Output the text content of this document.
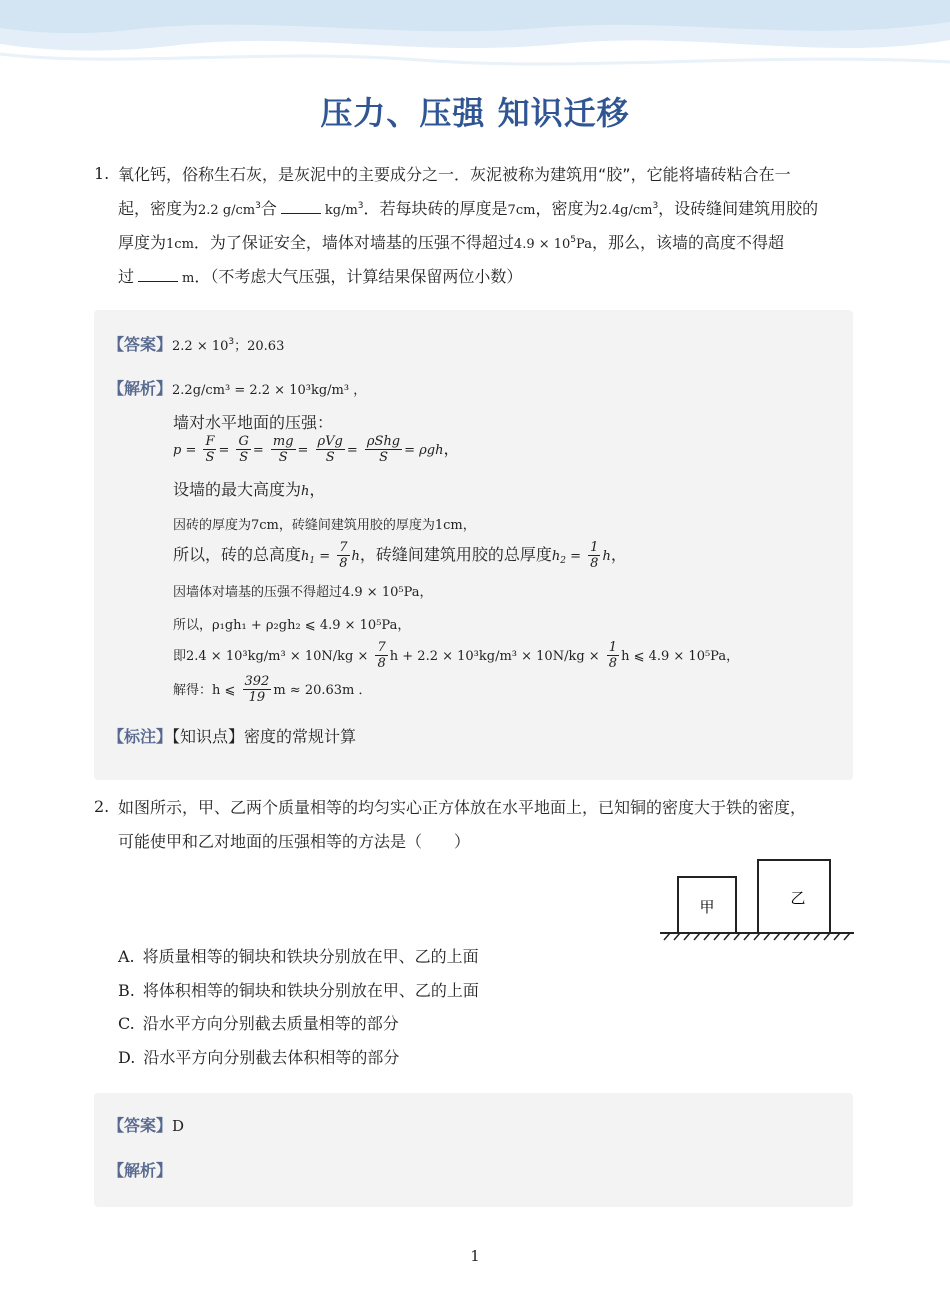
压力、压强 知识迁移
1. 氧化钙，俗称生石灰，是灰泥中的主要成分之一．灰泥被称为建筑用“胶”，它能将墙砖粘合在一
起，密度为2.2 $g/cm^3$合	$kg/m^3$．若每块砖的厚度是7cm，密度为$2.4g/cm^3$，设砖缝间建筑用胶的
厚度为1cm．为了保证安全，墙体对墙基的压强不得超过$4.9 \times 10^5Pa$，那么，该墙的高度不得超
过	m．（不考虑大气压强，计算结果保留两位小数）
【答案】$2.2 \times 10^3$；20.63
【解析】2.2g/cm³ = 2.2 × 10³kg/m³ ，
墙对水平地面的压强：
$p = \frac{F}{S} = \frac{G}{S} = \frac{mg}{S} = \frac{\text{ρVg}}{S} = \frac{\text{ρShg}}{S} = \rho gh$，
设墙的最大高度为h，
因砖的厚度为7cm，砖缝间建筑用胶的厚度为1cm，
所以，砖的总高度$h_1 = \frac{7}{8}$ h，砖缝间建筑用胶的总厚度$h_2 = \frac{1}{8}$ h，
因墙体对墙基的压强不得超过4.9 × 10⁵Pa，
所以，ρ₁gh₁ + ρ₂gh₂ ⩽ 4.9 × 10⁵Pa，
即$2.4 \times 10^3kg/m^3 \times 10N/kg \times \frac{7}{8}$ $h + 2.2 \times 10^3kg/m^3 \times 10N/kg \times \frac{1}{8}$ h ⩽ 4.9 × 10⁵Pa，
解得：h ⩽ $\frac{392}{19}$ m ≈ 20.63m ．
【标注】【知识点】密度的常规计算
2. 如图所示，甲、乙两个质量相等的均匀实心正方体放在水平地面上，已知铜的密度大于铁的密度，
可能使甲和乙对地面的压强相等的方法是（　　）
甲	乙
A. 将质量相等的铜块和铁块分别放在甲、乙的上面
B. 将体积相等的铜块和铁块分别放在甲、乙的上面
C. 沿水平方向分别截去质量相等的部分
D. 沿水平方向分别截去体积相等的部分
【答案】D
【解析】
1
